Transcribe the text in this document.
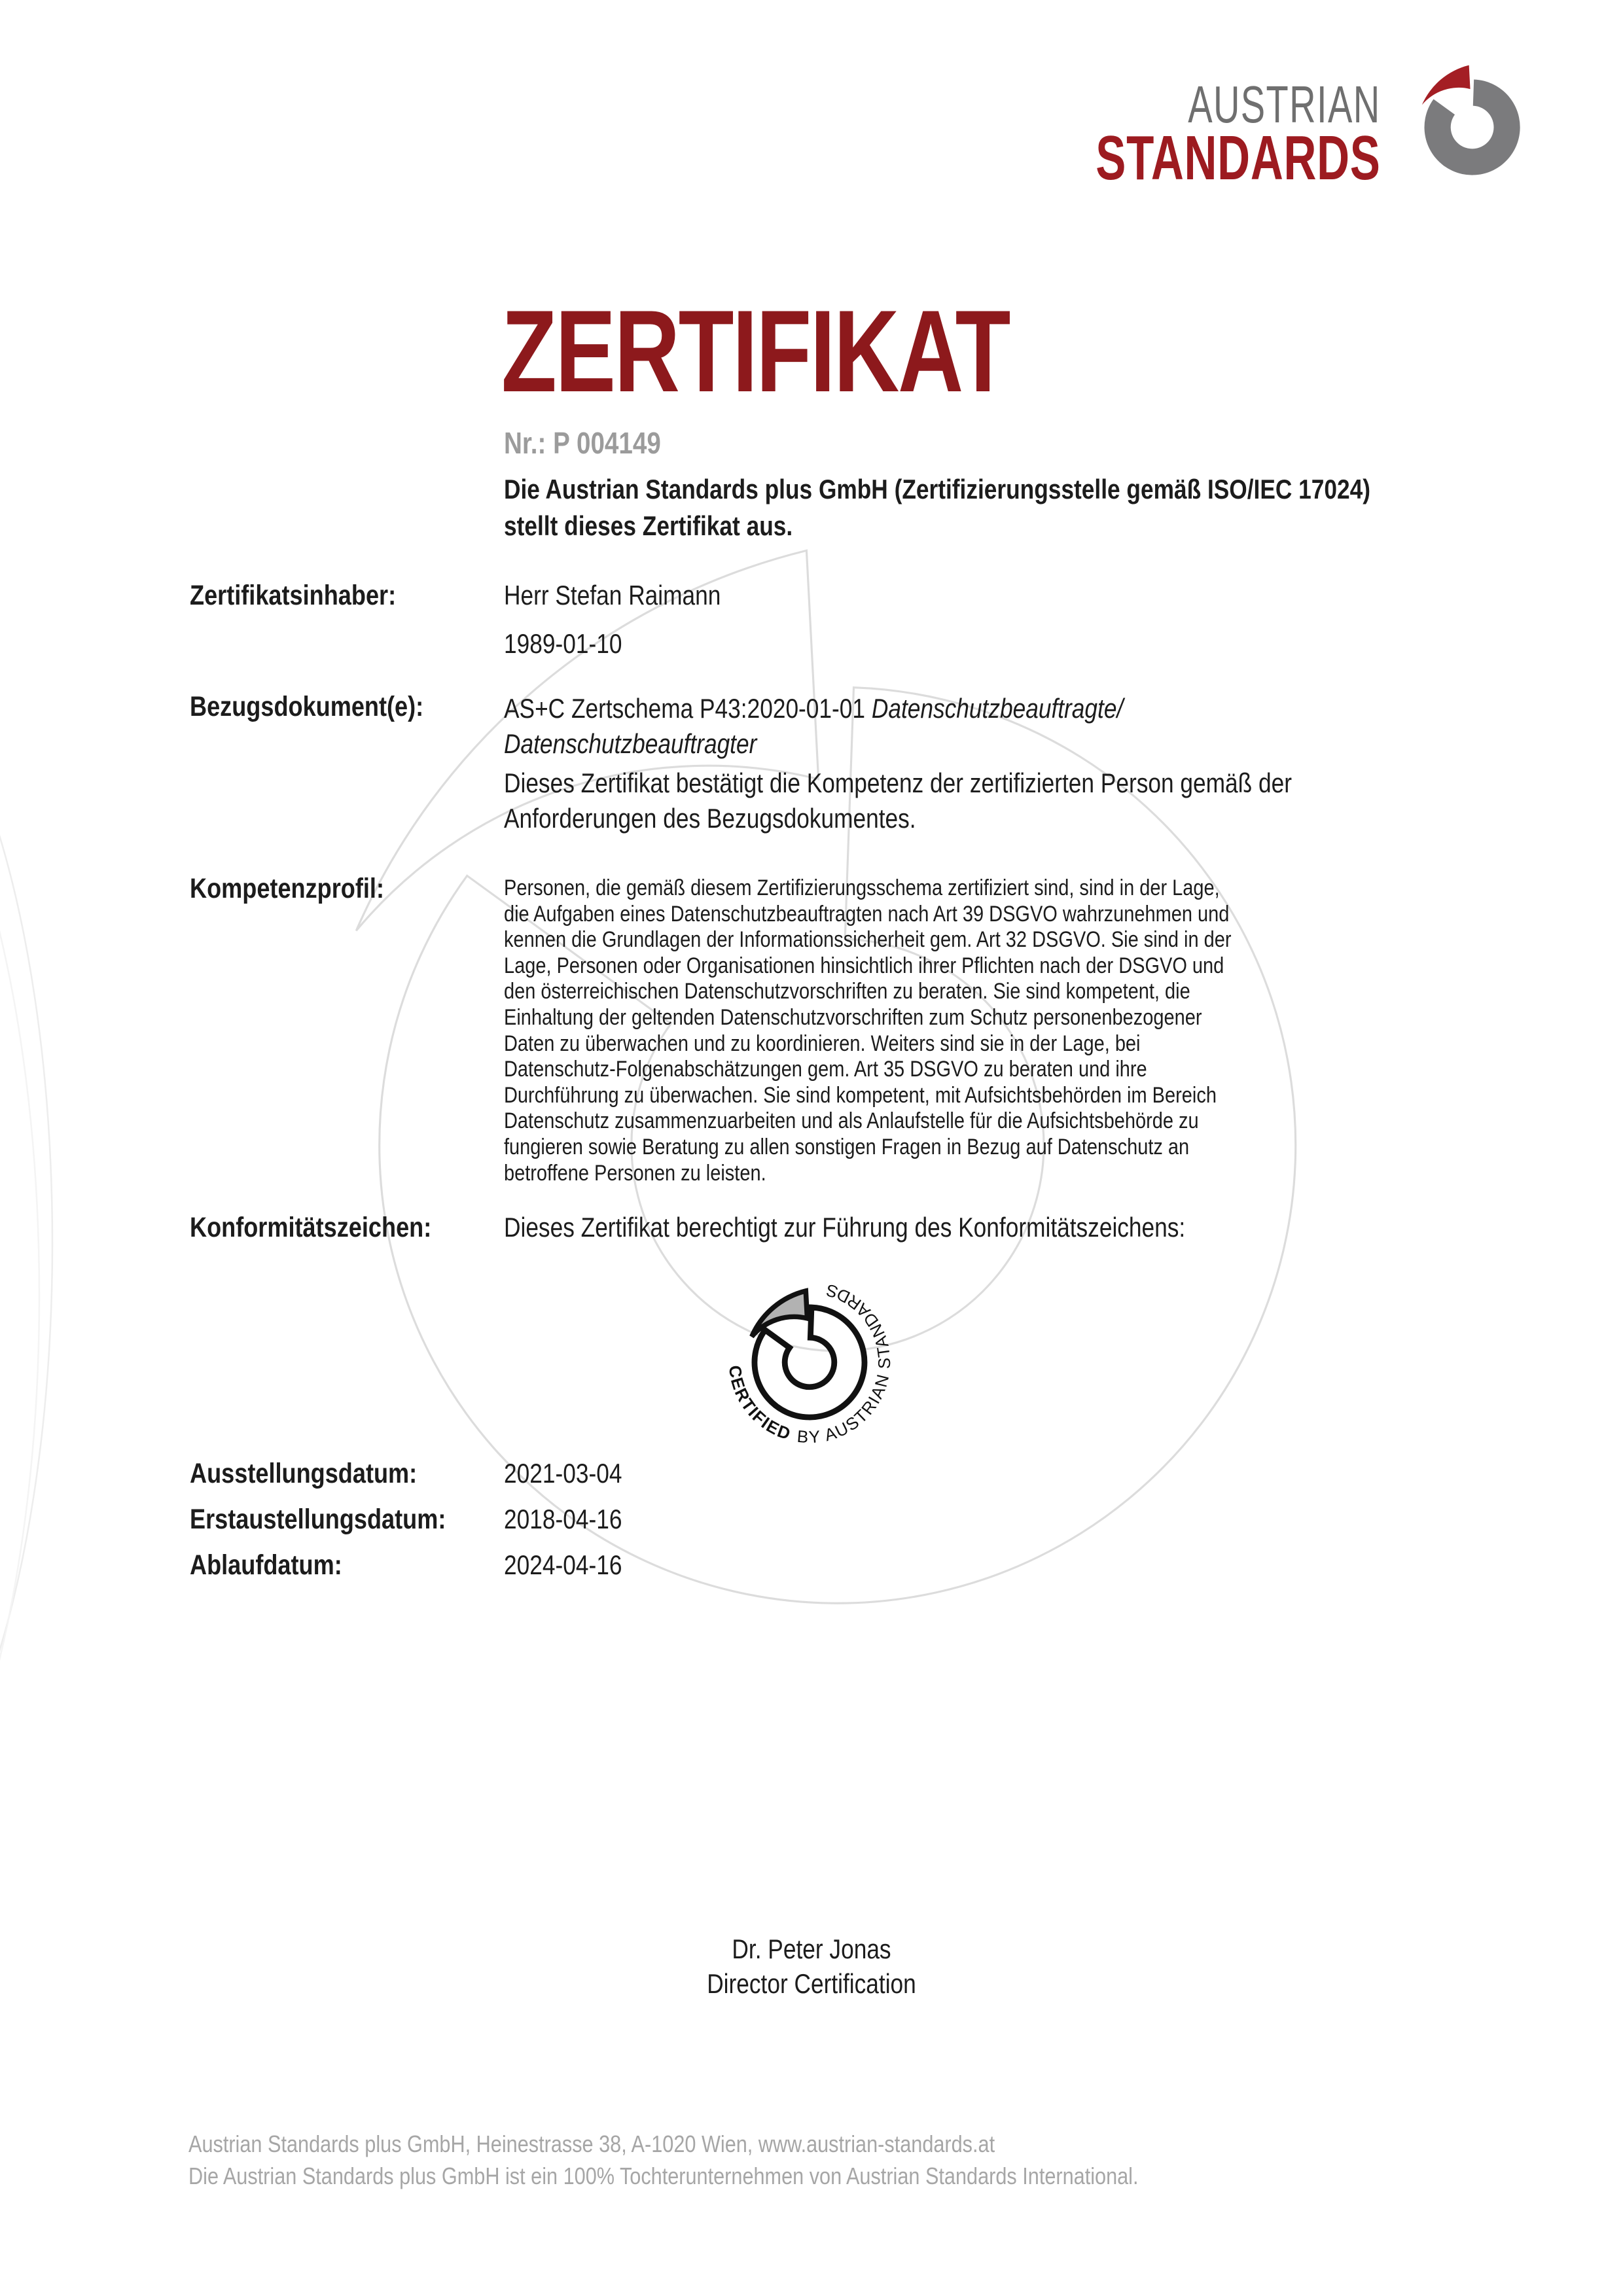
AUSTRIAN
STANDARDS
ZERTIFIKAT
Nr.: P 004149
Die Austrian Standards plus GmbH (Zertifizierungsstelle gemäß ISO/IEC 17024)
stellt dieses Zertifikat aus.
Zertifikatsinhaber:	Herr Stefan Raimann
1989-01-10
Bezugsdokument(e):	AS+C Zertschema P43:2020-01-01 Datenschutzbeauftragte/
Datenschutzbeauftragter
Dieses Zertifikat bestätigt die Kompetenz der zertifizierten Person gemäß der
Anforderungen des Bezugsdokumentes.
Kompetenzprofil:	Personen, die gemäß diesem Zertifizierungsschema zertifiziert sind, sind in der Lage,
die Aufgaben eines Datenschutzbeauftragten nach Art 39 DSGVO wahrzunehmen und
kennen die Grundlagen der Informationssicherheit gem. Art 32 DSGVO. Sie sind in der
Lage, Personen oder Organisationen hinsichtlich ihrer Pflichten nach der DSGVO und
den österreichischen Datenschutzvorschriften zu beraten. Sie sind kompetent, die
Einhaltung der geltenden Datenschutzvorschriften zum Schutz personenbezogener
Daten zu überwachen und zu koordinieren. Weiters sind sie in der Lage, bei
Datenschutz-Folgenabschätzungen gem. Art 35 DSGVO zu beraten und ihre
Durchführung zu überwachen. Sie sind kompetent, mit Aufsichtsbehörden im Bereich
Datenschutz zusammenzuarbeiten und als Anlaufstelle für die Aufsichtsbehörde zu
fungieren sowie Beratung zu allen sonstigen Fragen in Bezug auf Datenschutz an
betroffene Personen zu leisten.
Konformitätszeichen:	Dieses Zertifikat berechtigt zur Führung des Konformitätszeichens:
CERTIFIED BY AUSTRIAN STANDARDS
Ausstellungsdatum:	2021-03-04
Erstaustellungsdatum: 2018-04-16
Ablaufdatum:	2024-04-16
Dr. Peter Jonas
Director Certification
Austrian Standards plus GmbH, Heinestrasse 38, A-1020 Wien, www.austrian-standards.at
Die Austrian Standards plus GmbH ist ein 100% Tochterunternehmen von Austrian Standards International.
